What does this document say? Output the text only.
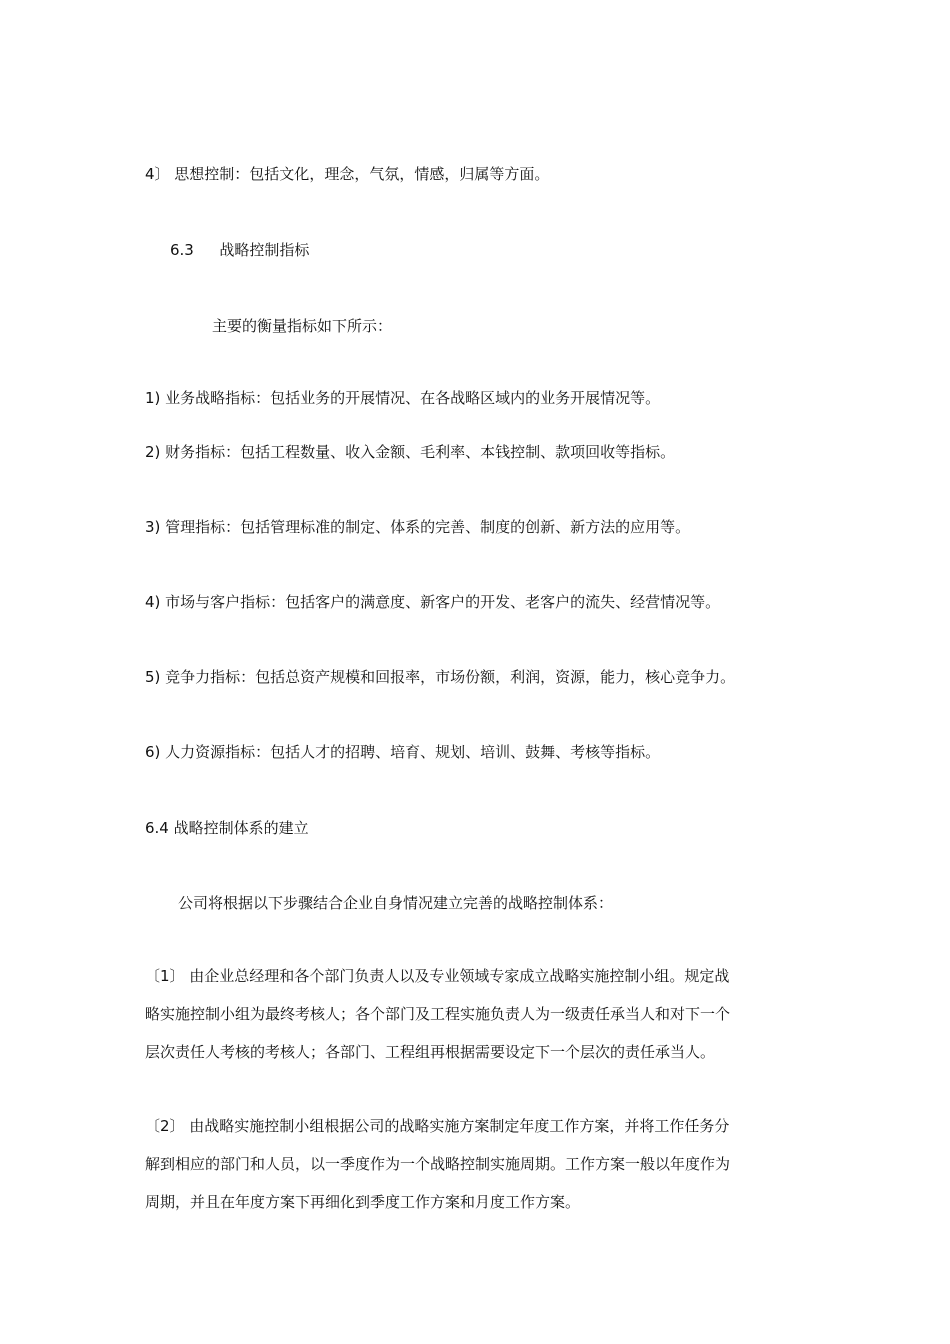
4〕 思想控制：包括文化，理念，气氛，情感，归属等方面。
6.3 战略控制指标
主要的衡量指标如下所示：
1) 业务战略指标：包括业务的开展情况、在各战略区域内的业务开展情况等。
2) 财务指标：包括工程数量、收入金额、毛利率、本钱控制、款项回收等指标。
3) 管理指标：包括管理标准的制定、体系的完善、制度的创新、新方法的应用等。
4) 市场与客户指标：包括客户的满意度、新客户的开发、老客户的流失、经营情况等。
5) 竞争力指标：包括总资产规模和回报率，市场份额，利润，资源，能力，核心竞争力。
6) 人力资源指标：包括人才的招聘、培育、规划、培训、鼓舞、考核等指标。
6.4 战略控制体系的建立
公司将根据以下步骤结合企业自身情况建立完善的战略控制体系：
〔1〕 由企业总经理和各个部门负责人以及专业领域专家成立战略实施控制小组。规定战
略实施控制小组为最终考核人；各个部门及工程实施负责人为一级责任承当人和对下一个
层次责任人考核的考核人；各部门、工程组再根据需要设定下一个层次的责任承当人。
〔2〕 由战略实施控制小组根据公司的战略实施方案制定年度工作方案，并将工作任务分
解到相应的部门和人员，以一季度作为一个战略控制实施周期。工作方案一般以年度作为
周期，并且在年度方案下再细化到季度工作方案和月度工作方案。
